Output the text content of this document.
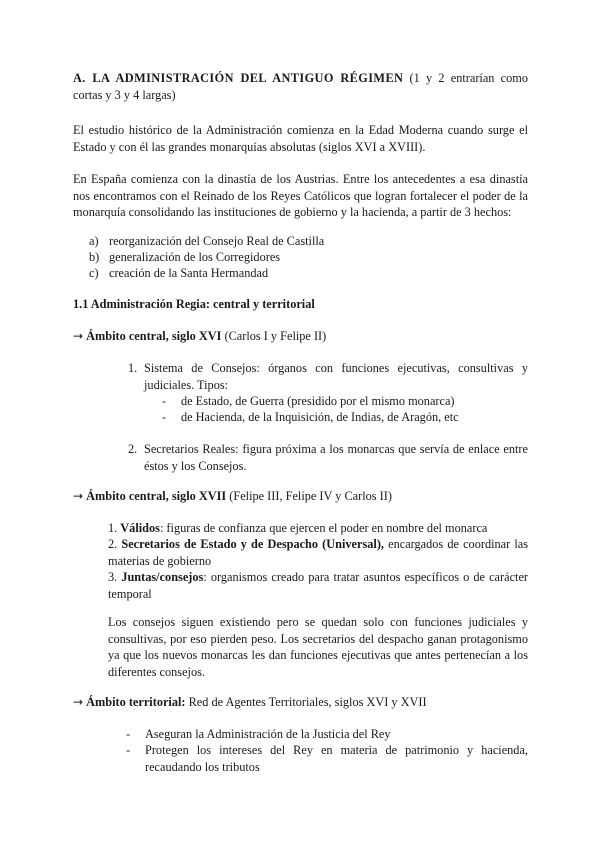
A. LA ADMINISTRACIÓN DEL ANTIGUO RÉGIMEN (1 y 2 entrarían como cortas y 3 y 4 largas)

El estudio histórico de la Administración comienza en la Edad Moderna cuando surge el Estado y con él las grandes monarquías absolutas (siglos XVI a XVIII).

En España comienza con la dinastía de los Austrias. Entre los antecedentes a esa dinastía nos encontramos con el Reinado de los Reyes Católicos que logran fortalecer el poder de la monarquía consolidando las instituciones de gobierno y la hacienda, a partir de 3 hechos:

a) reorganización del Consejo Real de Castilla
b) generalización de los Corregidores
c) creación de la Santa Hermandad

1.1 Administración Regia: central y territorial

→ Ámbito central, siglo XVI (Carlos I y Felipe II)

1. Sistema de Consejos: órganos con funciones ejecutivas, consultivas y judiciales. Tipos:
-	de Estado, de Guerra (presidido por el mismo monarca)
-	de Hacienda, de la Inquisición, de Indias, de Aragón, etc
2. Secretarios Reales: figura próxima a los monarcas que servía de enlace entre éstos y los Consejos.

→ Ámbito central, siglo XVII (Felipe III, Felipe IV y Carlos II)

1. Válidos: figuras de confianza que ejercen el poder en nombre del monarca

2. Secretarios de Estado y de Despacho (Universal), encargados de coordinar las materias de gobierno

3. Juntas/consejos: organismos creado para tratar asuntos específicos o de carácter temporal

Los consejos siguen existiendo pero se quedan solo con funciones judiciales y consultivas, por eso pierden peso. Los secretarios del despacho ganan protagonismo ya que los nuevos monarcas les dan funciones ejecutivas que antes pertenecían a los diferentes consejos.

→ Ámbito territorial: Red de Agentes Territoriales, siglos XVI y XVII

-	Aseguran la Administración de la Justicia del Rey
-	Protegen los intereses del Rey en materia de patrimonio y hacienda, recaudando los tributos
